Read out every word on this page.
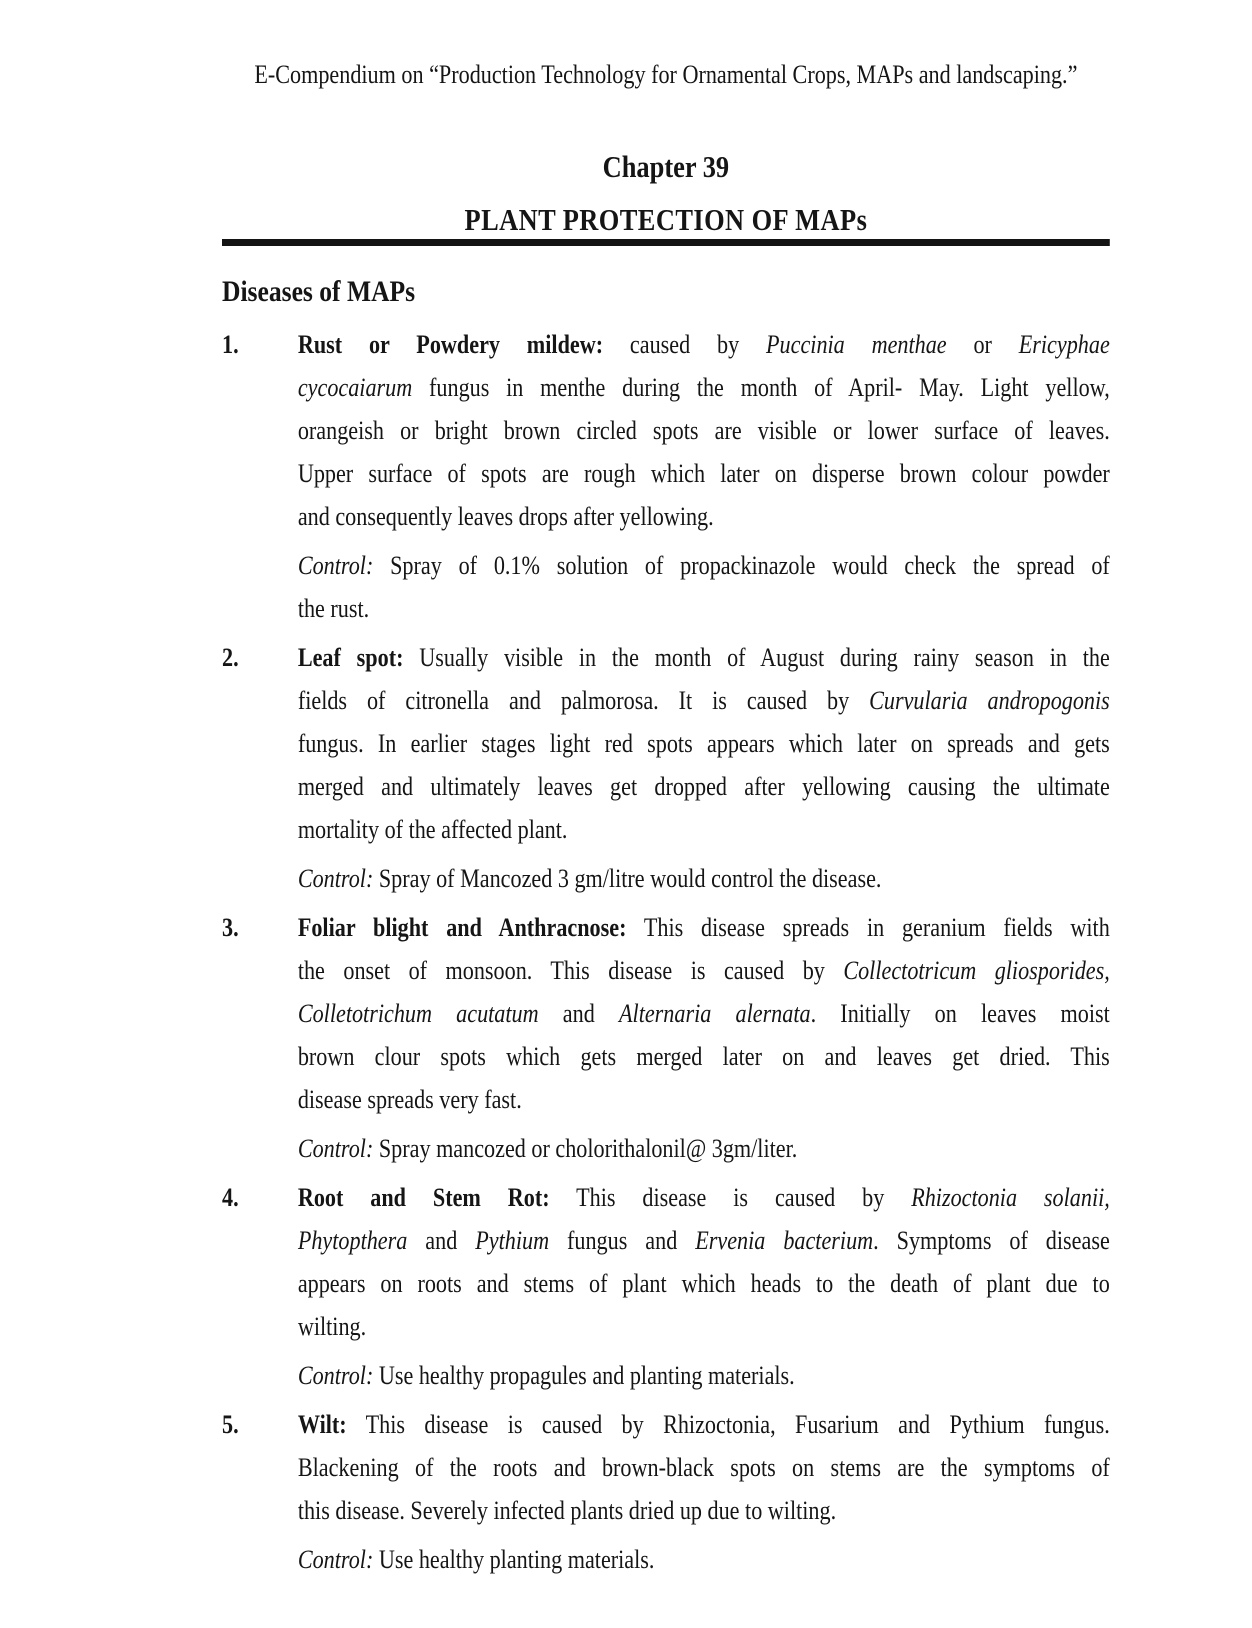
E-Compendium on “Production Technology for Ornamental Crops, MAPs and landscaping.”
Chapter 39
PLANT PROTECTION OF MAPs
Diseases of MAPs
1. Rust or Powdery mildew: caused by Puccinia menthae or Ericyphae
cycocaiarum fungus in menthe during the month of April- May. Light yellow,
orangeish or bright brown circled spots are visible or lower surface of leaves.
Upper surface of spots are rough which later on disperse brown colour powder
and consequently leaves drops after yellowing.
Control: Spray of 0.1% solution of propackinazole would check the spread of
the rust.
2. Leaf spot: Usually visible in the month of August during rainy season in the
fields of citronella and palmorosa. It is caused by Curvularia andropogonis
fungus. In earlier stages light red spots appears which later on spreads and gets
merged and ultimately leaves get dropped after yellowing causing the ultimate
mortality of the affected plant.
Control: Spray of Mancozed 3 gm/litre would control the disease.
3. Foliar blight and Anthracnose: This disease spreads in geranium fields with
the onset of monsoon. This disease is caused by Collectotricum gliosporides,
Colletotrichum acutatum and Alternaria alernata. Initially on leaves moist
brown clour spots which gets merged later on and leaves get dried. This
disease spreads very fast.
Control: Spray mancozed or cholorithalonil@ 3gm/liter.
4. Root and Stem Rot: This disease is caused by Rhizoctonia solanii,
Phytopthera and Pythium fungus and Ervenia bacterium. Symptoms of disease
appears on roots and stems of plant which heads to the death of plant due to
wilting.
Control: Use healthy propagules and planting materials.
5. Wilt: This disease is caused by Rhizoctonia, Fusarium and Pythium fungus.
Blackening of the roots and brown-black spots on stems are the symptoms of
this disease. Severely infected plants dried up due to wilting.
Control: Use healthy planting materials.
